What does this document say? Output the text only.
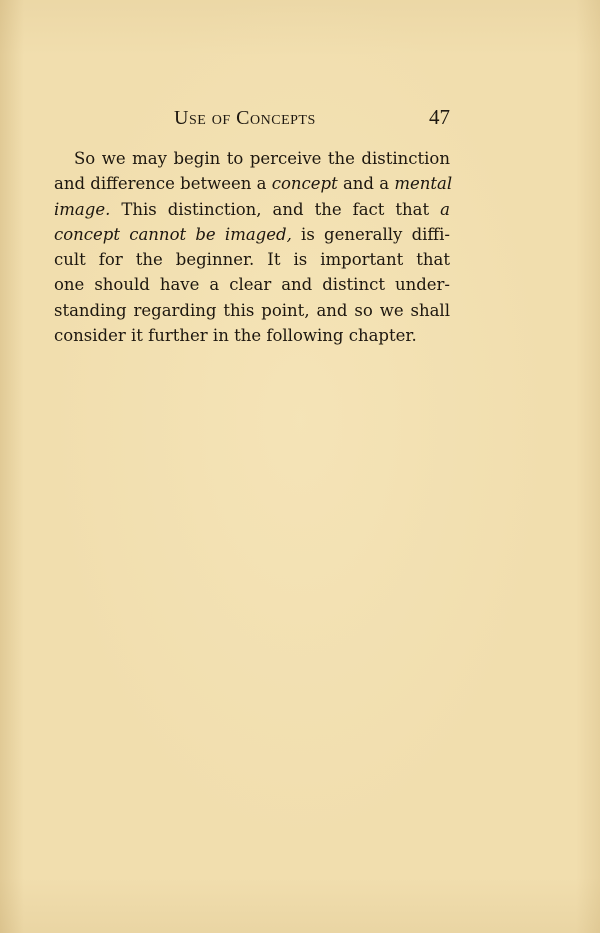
Use of Concepts	47

So we may begin to perceive the distinction
and difference between a concept and a mental
image. This distinction, and the fact that a
concept cannot be imaged, is generally diffi-
cult for the beginner. It is important that
one should have a clear and distinct under-
standing regarding this point, and so we shall
consider it further in the following chapter.
